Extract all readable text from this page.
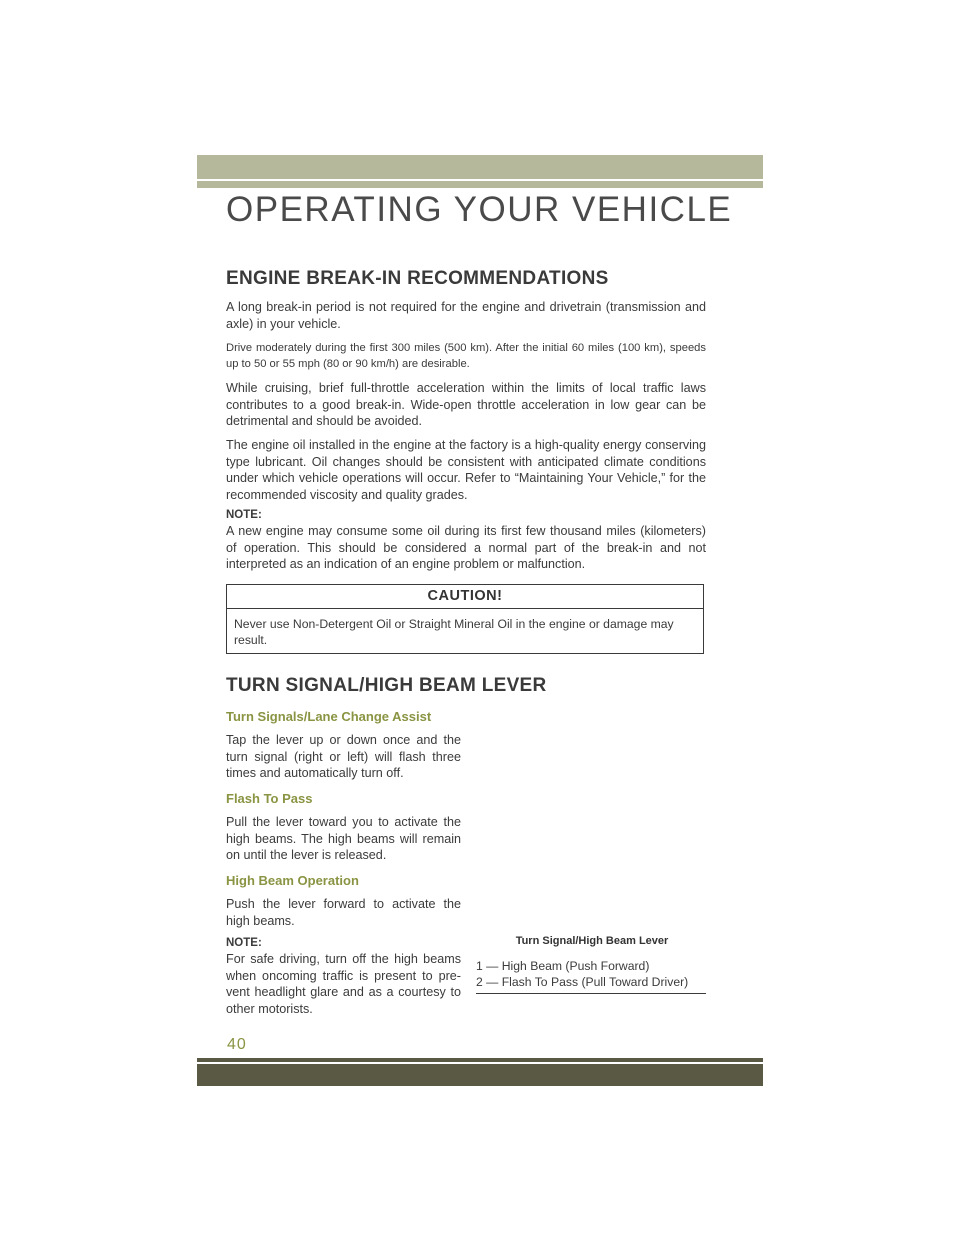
OPERATING YOUR VEHICLE
ENGINE BREAK-IN RECOMMENDATIONS

A long break-in period is not required for the engine and drivetrain (transmission and axle) in your vehicle.

Drive moderately during the first 300 miles (500 km). After the initial 60 miles (100 km), speeds up to 50 or 55 mph (80 or 90 km/h) are desirable.

While cruising, brief full-throttle acceleration within the limits of local traffic laws contributes to a good break-in. Wide-open throttle acceleration in low gear can be detrimental and should be avoided.

The engine oil installed in the engine at the factory is a high-quality energy conserving type lubricant. Oil changes should be consistent with anticipated climate conditions under which vehicle operations will occur. Refer to “Maintaining Your Vehicle,” for the recommended viscosity and quality grades.

NOTE:

A new engine may consume some oil during its first few thousand miles (kilometers) of operation. This should be considered a normal part of the break-in and not interpreted as an indication of an engine problem or malfunction.

CAUTION!
Never use Non-Detergent Oil or Straight Mineral Oil in the engine or damage may result.
TURN SIGNAL/HIGH BEAM LEVER
Turn Signals/Lane Change Assist

Tap the lever up or down once and the turn signal (right or left) will flash three times and automatically turn off.

Flash To Pass

Pull the lever toward you to activate the high beams. The high beams will remain on until the lever is released.

High Beam Operation

Push the lever forward to activate the high beams.

NOTE:

For safe driving, turn off the high beams when oncoming traffic is present to pre-vent headlight glare and as a courtesy to other motorists.

Turn Signal/High Beam Lever
1 — High Beam (Push Forward)
2 — Flash To Pass (Pull Toward Driver)
40
